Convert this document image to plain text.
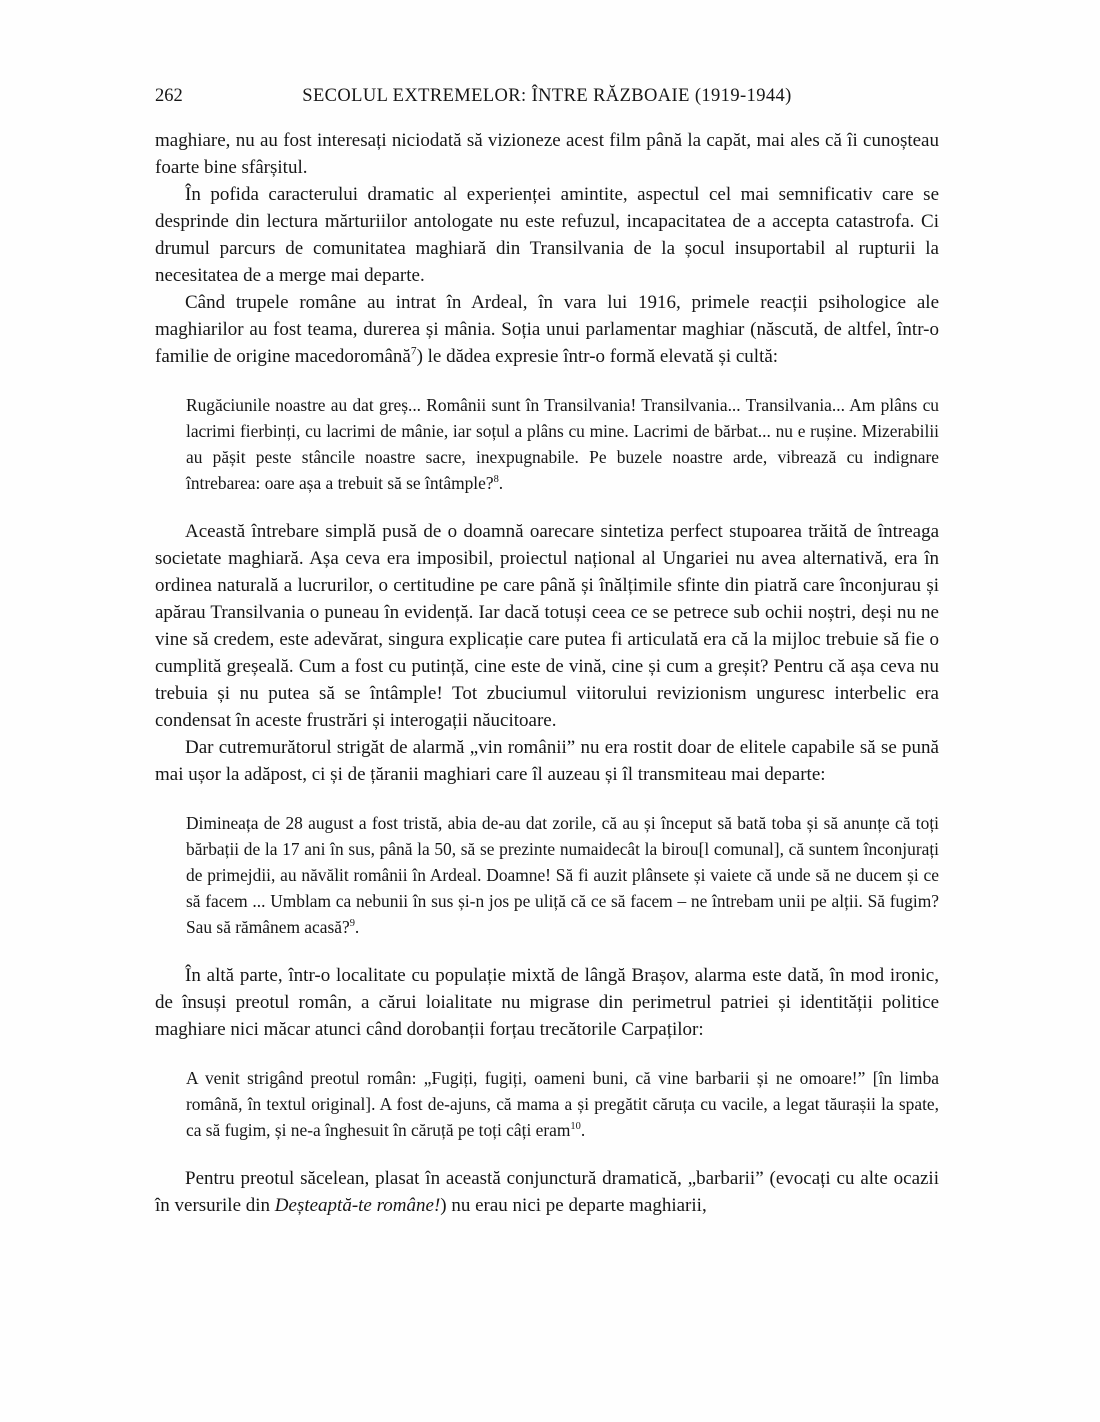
262	SECOLUL EXTREMELOR: ÎNTRE RĂZBOAIE (1919-1944)

maghiare, nu au fost interesați niciodată să vizioneze acest film până la capăt, mai ales că îi cunoșteau foarte bine sfârșitul.

În pofida caracterului dramatic al experienței amintite, aspectul cel mai semnificativ care se desprinde din lectura mărturiilor antologate nu este refuzul, incapacitatea de a accepta catastrofa. Ci drumul parcurs de comunitatea maghiară din Transilvania de la șocul insuportabil al rupturii la necesitatea de a merge mai departe.

Când trupele române au intrat în Ardeal, în vara lui 1916, primele reacții psihologice ale maghiarilor au fost teama, durerea și mânia. Soția unui parlamentar maghiar (născută, de altfel, într-o familie de origine macedoromână$^7$) le dădea expresie într-o formă elevată și cultă:

Rugăciunile noastre au dat greș... Românii sunt în Transilvania! Transilvania... Transilvania... Am plâns cu lacrimi fierbinți, cu lacrimi de mânie, iar soțul a plâns cu mine. Lacrimi de bărbat... nu e rușine. Mizerabilii au pășit peste stâncile noastre sacre, inexpugnabile. Pe buzele noastre arde, vibrează cu indignare întrebarea: oare așa a trebuit să se întâmple?$^8$.

Această întrebare simplă pusă de o doamnă oarecare sintetiza perfect stupoarea trăită de întreaga societate maghiară. Așa ceva era imposibil, proiectul național al Ungariei nu avea alternativă, era în ordinea naturală a lucrurilor, o certitudine pe care până și înălțimile sfinte din piatră care înconjurau și apărau Transilvania o puneau în evidență. Iar dacă totuși ceea ce se petrece sub ochii noștri, deși nu ne vine să credem, este adevărat, singura explicație care putea fi articulată era că la mijloc trebuie să fie o cumplită greșeală. Cum a fost cu putință, cine este de vină, cine și cum a greșit? Pentru că așa ceva nu trebuia și nu putea să se întâmple! Tot zbuciumul viitorului revizionism unguresc interbelic era condensat în aceste frustrări și interogații năucitoare.

Dar cutremurătorul strigăt de alarmă „vin românii” nu era rostit doar de elitele capabile să se pună mai ușor la adăpost, ci și de țăranii maghiari care îl auzeau și îl transmiteau mai departe:

Dimineața de 28 august a fost tristă, abia de-au dat zorile, că au și început să bată toba și să anunțe că toți bărbații de la 17 ani în sus, până la 50, să se prezinte numaidecât la birou[l comunal], că suntem înconjurați de primejdii, au năvălit românii în Ardeal. Doamne! Să fi auzit plânsete și vaiete că unde să ne ducem și ce să facem ... Umblam ca nebunii în sus și-n jos pe uliță că ce să facem – ne întrebam unii pe alții. Să fugim? Sau să rămânem acasă?$^9$.

În altă parte, într-o localitate cu populație mixtă de lângă Brașov, alarma este dată, în mod ironic, de însuși preotul român, a cărui loialitate nu migrase din perimetrul patriei și identității politice maghiare nici măcar atunci când dorobanții forțau trecătorile Carpaților:

A venit strigând preotul român: „Fugiți, fugiți, oameni buni, că vine barbarii și ne omoare!” [în limba română, în textul original]. A fost de-ajuns, că mama a și pregătit căruța cu vacile, a legat tăurașii la spate, ca să fugim, și ne-a înghesuit în căruță pe toți câți eram$^{10}$.

Pentru preotul săcelean, plasat în această conjunctură dramatică, „barbarii” (evocați cu alte ocazii în versurile din Deșteaptă-te române!) nu erau nici pe departe maghiarii,
